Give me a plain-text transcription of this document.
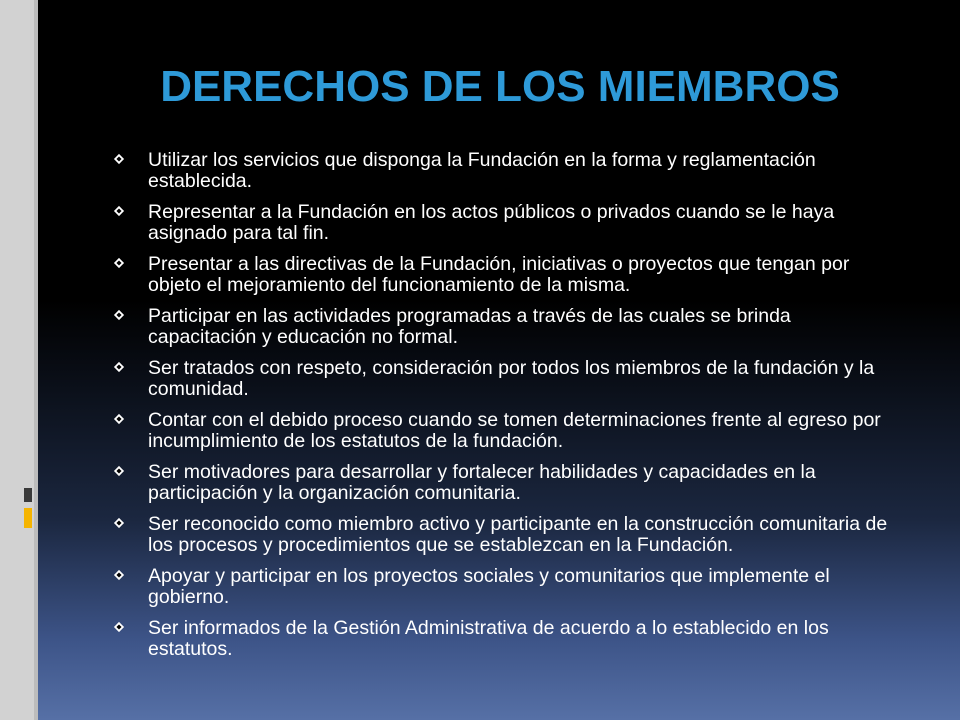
DERECHOS DE LOS MIEMBROS
Utilizar los servicios que disponga la Fundación en la forma y reglamentación establecida.
Representar a la Fundación en los actos públicos o privados cuando se le haya asignado para tal fin.
Presentar a las directivas de la Fundación, iniciativas o proyectos que tengan por objeto el mejoramiento del funcionamiento de la misma.
Participar en las actividades programadas a través de las cuales se brinda capacitación y educación no formal.
Ser tratados con respeto, consideración por todos los miembros de la fundación y la comunidad.
Contar con el debido proceso cuando se tomen determinaciones frente al egreso por incumplimiento de los estatutos de la fundación.
Ser motivadores para desarrollar y fortalecer habilidades y capacidades en la participación y la organización comunitaria.
Ser reconocido como miembro activo y participante en la construcción comunitaria de los procesos y procedimientos que se establezcan en la Fundación.
Apoyar y participar en los proyectos sociales y comunitarios que implemente el gobierno.
Ser informados de la Gestión Administrativa de acuerdo a lo establecido en los estatutos.
